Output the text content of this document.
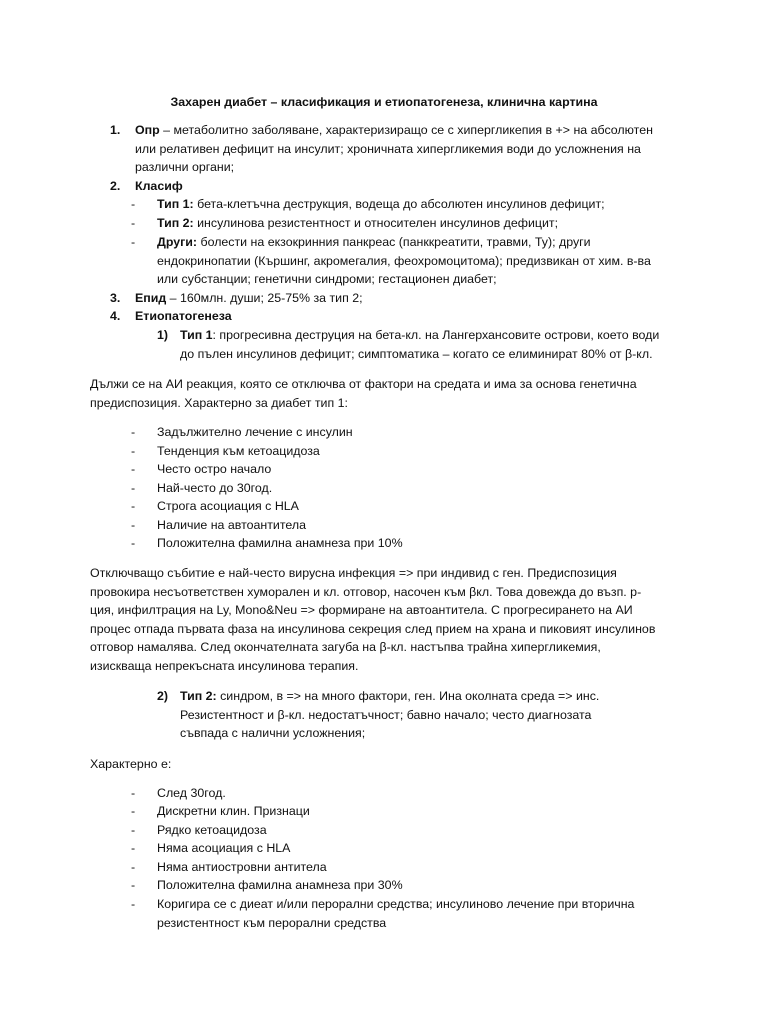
Захарен диабет – класификация и етиопатогенеза, клинична картина
1. Опр – метаболитно заболяване, характеризиращо се с хипергликепия в +> на абсолютен или релативен дефицит на инсулит; хроничната хипергликемия води до усложнения на различни органи;
2. Класиф
- Тип 1: бета-клетъчна деструкция, водеща до абсолютен инсулинов дефицит;
- Тип 2: инсулинова резистентност и относителен инсулинов дефицит;
- Други: болести на екзокринния панкреас (панккреатити, травми, Ту); други ендокринопатии (Кършинг, акромегалия, феохромоцитома); предизвикан от хим. в-ва или субстанции; генетични синдроми; гестационен диабет;
3. Епид – 160млн. души; 25-75% за тип 2;
4. Етиопатогенеза
1) Тип 1: прогресивна деструция на бета-кл. на Лангерхансовите острови, което води до пълен инсулинов дефицит; симптоматика – когато се елиминират 80% от β-кл.
Дължи се на АИ реакция, която се отключва от фактори на средата и има за основа генетична предиспозиция. Характерно за диабет тип 1:
- Задължително лечение с инсулин
- Тенденция към кетоацидоза
- Често остро начало
- Най-често до 30год.
- Строга асоциация с HLA
- Наличие на автоантитела
- Положителна фамилна анамнеза при 10%
Отключващо събитие е най-често вирусна инфекция => при индивид с ген. Предиспозиция провокира несъответствен хуморален и кл. отговор, насочен към βкл. Това довежда до възп. р-ция, инфилтрация на Ly, Mono&Neu => формиране на автоантитела. С прогресирането на АИ процес отпада първата фаза на инсулинова секреция след прием на храна и пиковият инсулинов отговор намалява. След окончателната загуба на β-кл. настъпва трайна хипергликемия, изискваща непрекъсната инсулинова терапия.
2) Тип 2: синдром, в => на много фактори, ген. Ина околната среда => инс. Резистентност и β-кл. недостатъчност; бавно начало; често диагнозата съвпада с налични усложнения;
Характерно е:
- След 30год.
- Дискретни клин. Признаци
- Рядко кетоацидоза
- Няма асоциация с HLA
- Няма антиостровни антитела
- Положителна фамилна анамнеза при 30%
- Коригира се с диеат и/или перорални средства; инсулиново лечение при вторична резистентност към перорални средства
